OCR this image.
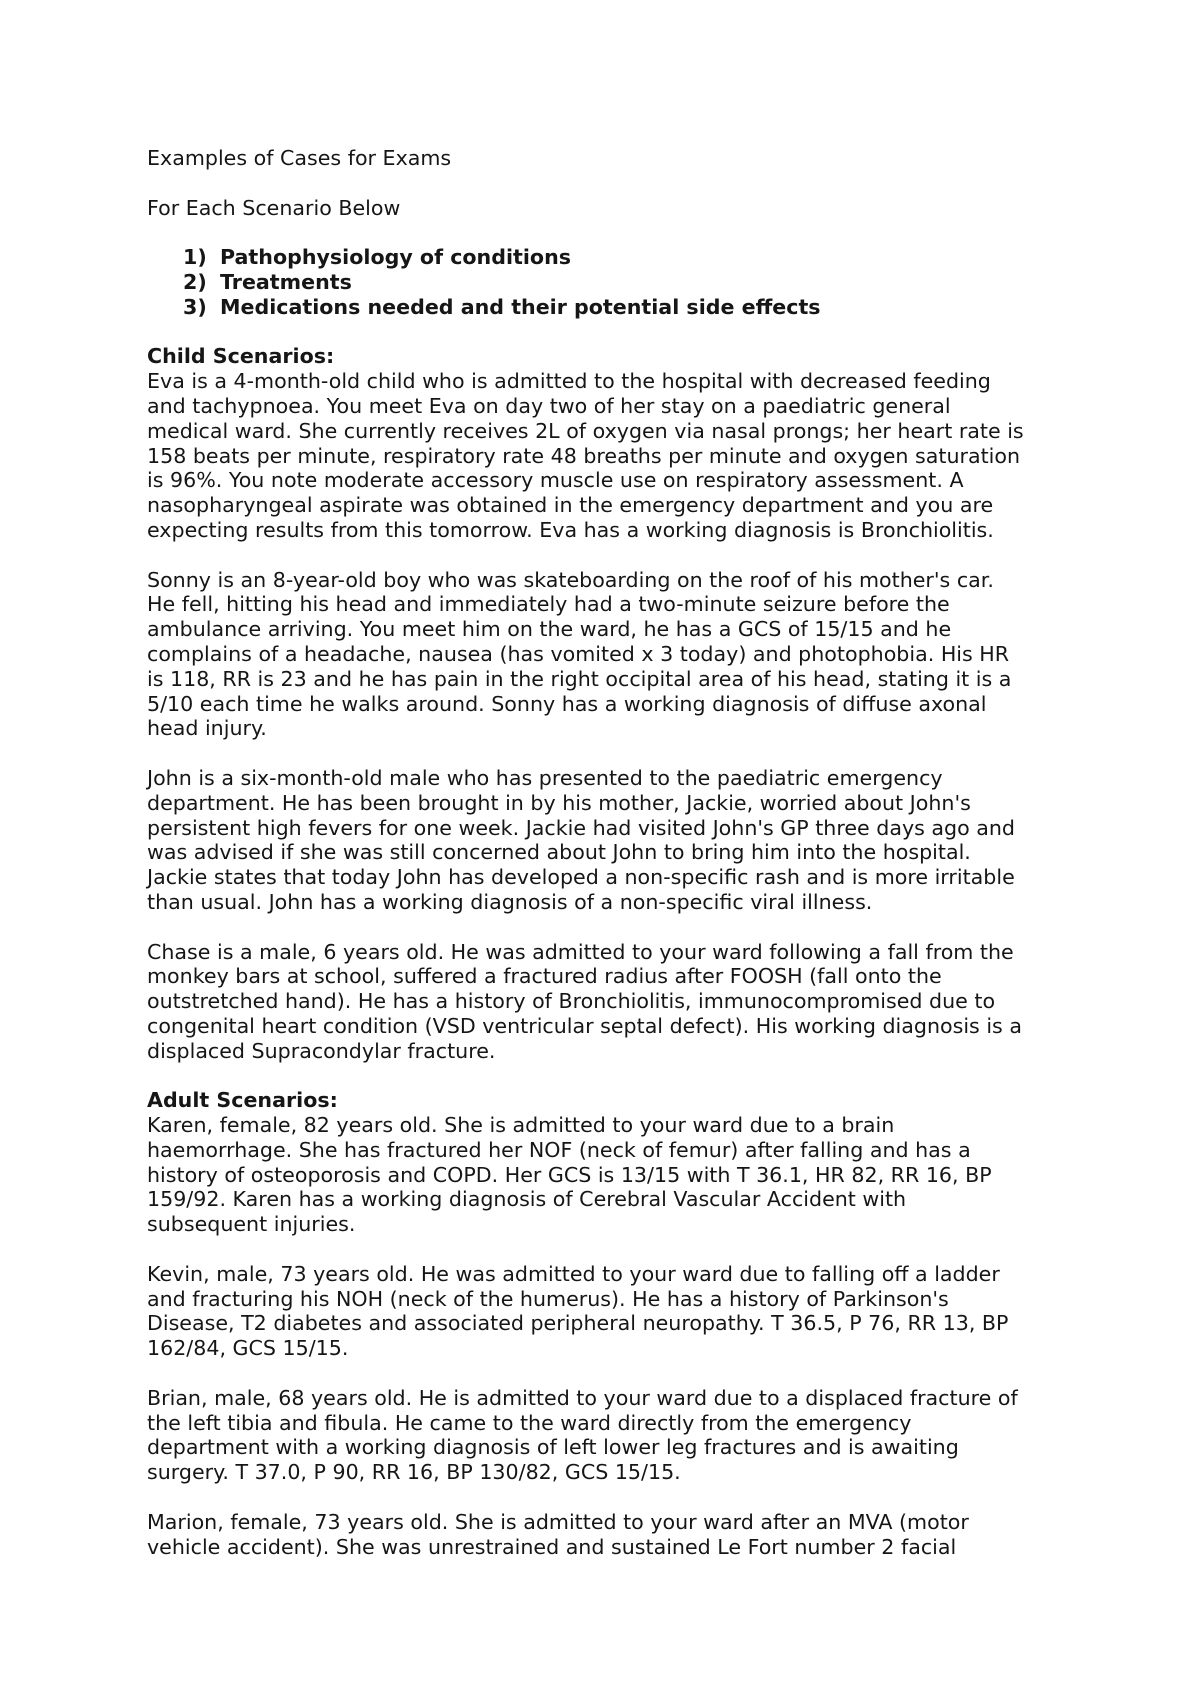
Examples of Cases for Exams
For Each Scenario Below
1) Pathophysiology of conditions
2) Treatments
3) Medications needed and their potential side effects
Child Scenarios:
Eva is a 4-month-old child who is admitted to the hospital with decreased feeding
and tachypnoea. You meet Eva on day two of her stay on a paediatric general
medical ward. She currently receives 2L of oxygen via nasal prongs; her heart rate is
158 beats per minute, respiratory rate 48 breaths per minute and oxygen saturation
is 96%. You note moderate accessory muscle use on respiratory assessment. A
nasopharyngeal aspirate was obtained in the emergency department and you are
expecting results from this tomorrow. Eva has a working diagnosis is Bronchiolitis.
Sonny is an 8-year-old boy who was skateboarding on the roof of his mother's car.
He fell, hitting his head and immediately had a two-minute seizure before the
ambulance arriving. You meet him on the ward, he has a GCS of 15/15 and he
complains of a headache, nausea (has vomited x 3 today) and photophobia. His HR
is 118, RR is 23 and he has pain in the right occipital area of his head, stating it is a
5/10 each time he walks around. Sonny has a working diagnosis of diffuse axonal
head injury.
John is a six-month-old male who has presented to the paediatric emergency
department. He has been brought in by his mother, Jackie, worried about John's
persistent high fevers for one week. Jackie had visited John's GP three days ago and
was advised if she was still concerned about John to bring him into the hospital.
Jackie states that today John has developed a non-specific rash and is more irritable
than usual. John has a working diagnosis of a non-specific viral illness.
Chase is a male, 6 years old. He was admitted to your ward following a fall from the
monkey bars at school, suffered a fractured radius after FOOSH (fall onto the
outstretched hand). He has a history of Bronchiolitis, immunocompromised due to
congenital heart condition (VSD ventricular septal defect). His working diagnosis is a
displaced Supracondylar fracture.
Adult Scenarios:
Karen, female, 82 years old. She is admitted to your ward due to a brain
haemorrhage. She has fractured her NOF (neck of femur) after falling and has a
history of osteoporosis and COPD. Her GCS is 13/15 with T 36.1, HR 82, RR 16, BP
159/92. Karen has a working diagnosis of Cerebral Vascular Accident with
subsequent injuries.
Kevin, male, 73 years old. He was admitted to your ward due to falling off a ladder
and fracturing his NOH (neck of the humerus). He has a history of Parkinson's
Disease, T2 diabetes and associated peripheral neuropathy. T 36.5, P 76, RR 13, BP
162/84, GCS 15/15.
Brian, male, 68 years old. He is admitted to your ward due to a displaced fracture of
the left tibia and fibula. He came to the ward directly from the emergency
department with a working diagnosis of left lower leg fractures and is awaiting
surgery. T 37.0, P 90, RR 16, BP 130/82, GCS 15/15.
Marion, female, 73 years old. She is admitted to your ward after an MVA (motor
vehicle accident). She was unrestrained and sustained Le Fort number 2 facial
